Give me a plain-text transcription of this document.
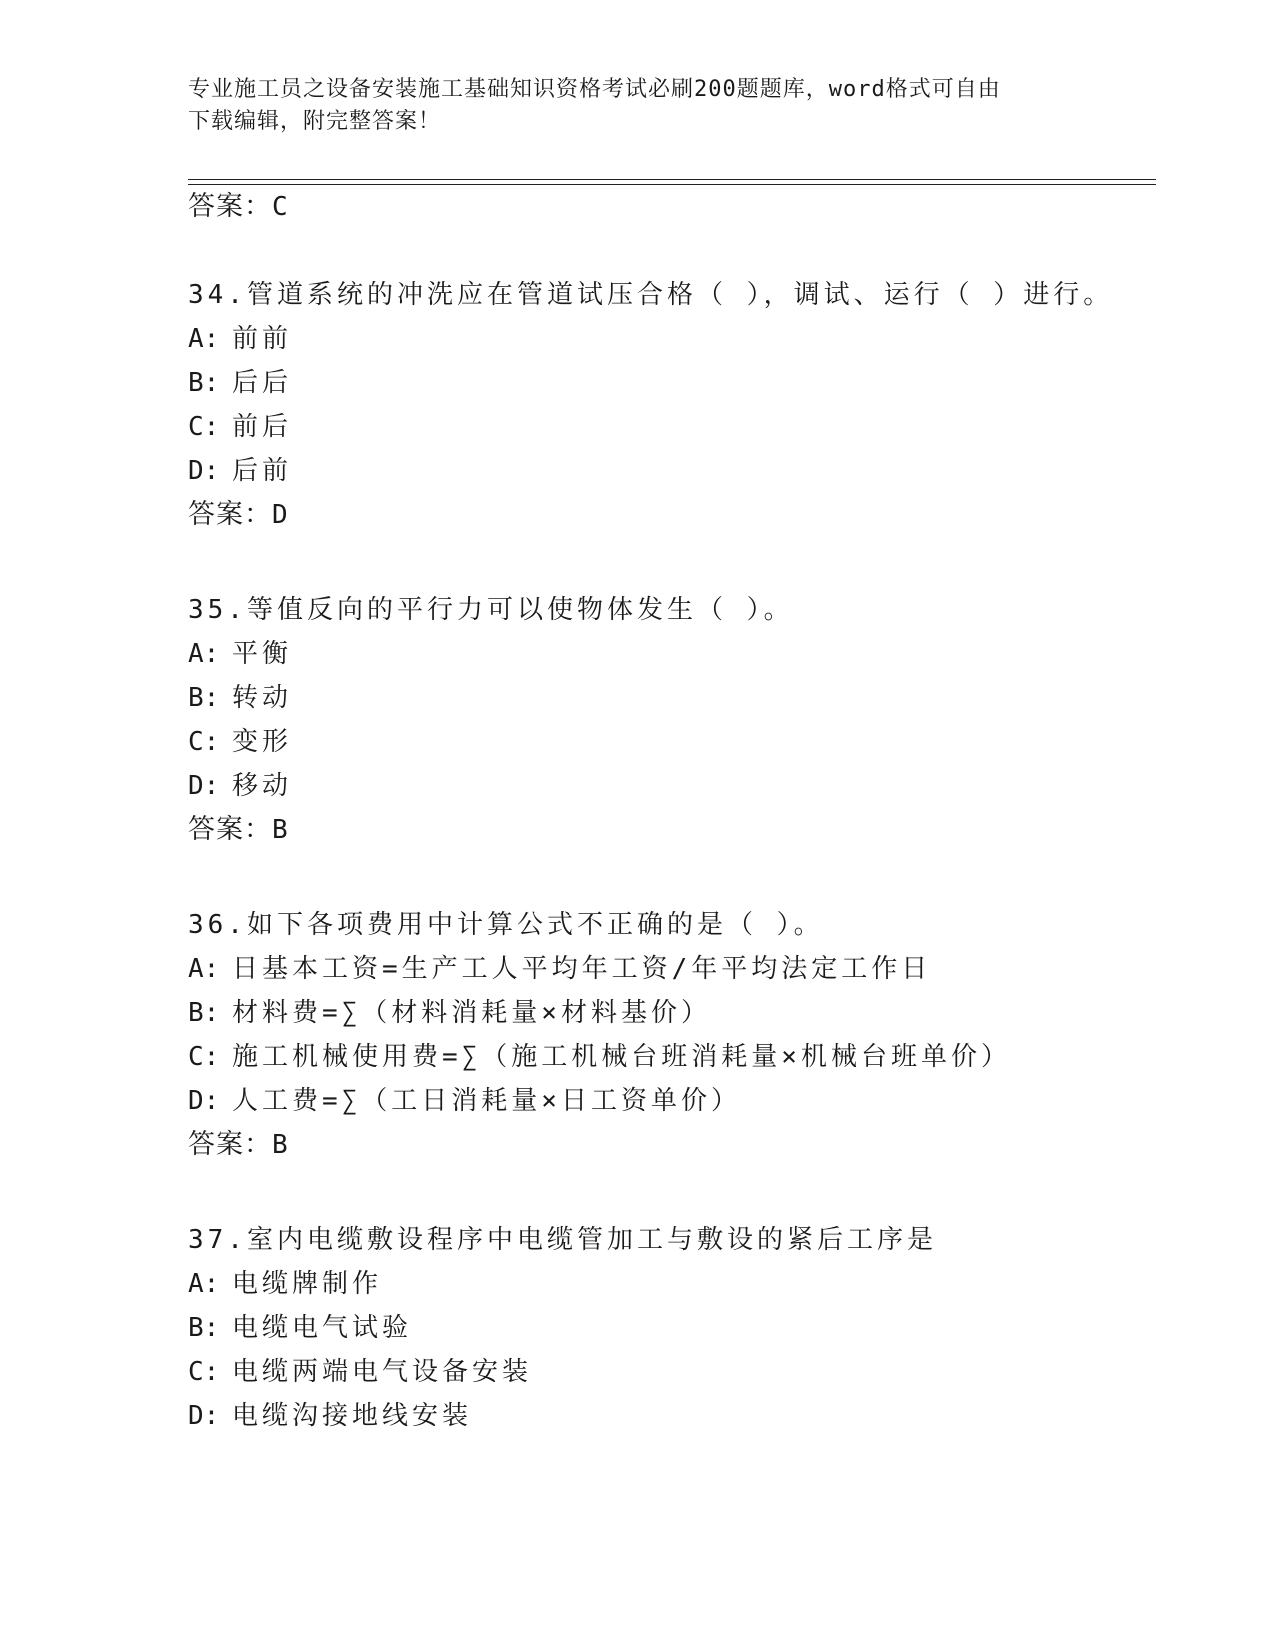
专业施工员之设备安装施工基础知识资格考试必刷200题题库，word格式可自由
下载编辑，附完整答案！
答案：C
34.管道系统的冲洗应在管道试压合格（ ），调试、运行（ ）进行。
A: 前前
B: 后后
C: 前后
D: 后前
答案：D
35.等值反向的平行力可以使物体发生（ ）。
A: 平衡
B: 转动
C: 变形
D: 移动
答案：B
36.如下各项费用中计算公式不正确的是（ ）。
A: 日基本工资=生产工人平均年工资/年平均法定工作日
B: 材料费=∑（材料消耗量×材料基价）
C: 施工机械使用费=∑（施工机械台班消耗量×机械台班单价）
D: 人工费=∑（工日消耗量×日工资单价）
答案：B
37.室内电缆敷设程序中电缆管加工与敷设的紧后工序是
A: 电缆牌制作
B: 电缆电气试验
C: 电缆两端电气设备安装
D: 电缆沟接地线安装
